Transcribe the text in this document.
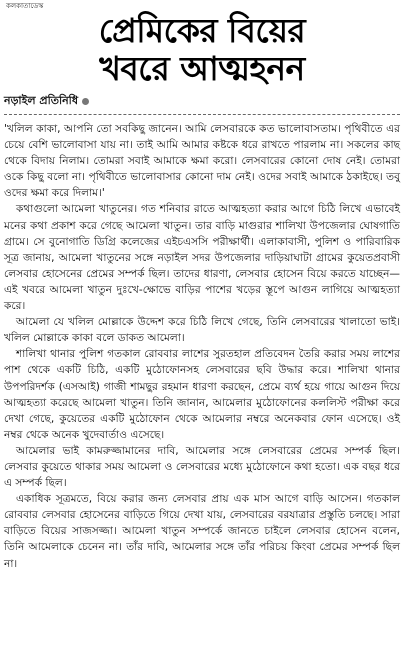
কলকাতাডেস্ক
প্রেমিকের বিয়ের
খবরে আত্মহনন
নড়াইল প্রতিনিধি

'খলিল কাকা, আপনি তো সবকিছু জানেন। আমি লেসবারকে কত ভালোবাসতাম। পৃথিবীতে এর চেয়ে বেশি ভালোবাসা যায় না। তাই আমি আমার কষ্টকে ধরে রাখতে পারলাম না। সকলের কাছ থেকে বিদায় নিলাম। তোমরা সবাই আমাকে ক্ষমা করো। লেসবারের কোনো দোষ নেই। তোমরা ওকে কিছু বলো না। পৃথিবীতে ভালোবাসার কোনো দাম নেই। ওদের সবাই আমাকে ঠকাইছে। তবু ওদের ক্ষমা করে দিলাম।'

কথাগুলো আমেলা খাতুনের। গত শনিবার রাতে আত্মহত্যা করার আগে চিঠি লিখে এভাবেই মনের কথা প্রকাশ করে গেছে আমেলা খাতুন। তার বাড়ি মাগুরার শালিখা উপজেলার ঘোষগাতি গ্রামে। সে বুনোগাতি ডিগ্রি কলেজের এইচএসসি পরীক্ষার্থী। এলাকাবাসী, পুলিশ ও পারিবারিক সূত্র জানায়, আমেলা খাতুনের সঙ্গে নড়াইল সদর উপজেলার দাড়িয়াঘাটা গ্রামের কুয়েতপ্রবাসী লেসবার হোসেনের প্রেমের সম্পর্ক ছিল। তাদের ধারণা, লেসবার হোসেন বিয়ে করতে যাচ্ছেন—এই খবরে আমেলা খাতুন দুঃখে-ক্ষোভে বাড়ির পাশের খড়ের স্তূপে আগুন লাগিয়ে আত্মহত্যা করে।

আমেলা যে খলিল মোল্লাকে উদ্দেশ করে চিঠি লিখে গেছে, তিনি লেসবারের খালাতো ভাই। খলিল মোল্লাকে কাকা বলে ডাকত আমেলা।

শালিখা থানার পুলিশ গতকাল রোববার লাশের সুরতহাল প্রতিবেদন তৈরি করার সময় লাশের পাশ থেকে একটি চিঠি, একটি মুঠোফোনসহ লেসবারের ছবি উদ্ধার করে। শালিখা থানার উপপরিদর্শক (এসআই) গাজী শামছুর রহমান ধারণা করছেন, প্রেমে ব্যর্থ হয়ে গায়ে আগুন দিয়ে আত্মহত্যা করেছে আমেলা খাতুন। তিনি জানান, আমেলার মুঠোফোনের কললিস্ট পরীক্ষা করে দেখা গেছে, কুয়েতের একটি মুঠোফোন থেকে আমেলার নম্বরে অনেকবার ফোন এসেছে। ওই নম্বর থেকে অনেক খুদেবার্তাও এসেছে।

আমেলার ভাই কামরুজ্জামানের দাবি, আমেলার সঙ্গে লেসবারের প্রেমের সম্পর্ক ছিল। লেসবার কুয়েতে থাকার সময় আমেলা ও লেসবারের মধ্যে মুঠোফোনে কথা হতো। এক বছর ধরে এ সম্পর্ক ছিল।

একাধিক সূত্রমতে, বিয়ে করার জন্য লেসবার প্রায় এক মাস আগে বাড়ি আসেন। গতকাল রোববার লেসবার হোসেনের বাড়িতে গিয়ে দেখা যায়, লেসবারের বরযাত্রার প্রস্তুতি চলছে। সারা বাড়িতে বিয়ের সাজসজ্জা। আমেলা খাতুন সম্পর্কে জানতে চাইলে লেসবার হোসেন বলেন, তিনি আমেলাকে চেনেন না। তাঁর দাবি, আমেলার সঙ্গে তাঁর পরিচয় কিংবা প্রেমের সম্পর্ক ছিল না।
